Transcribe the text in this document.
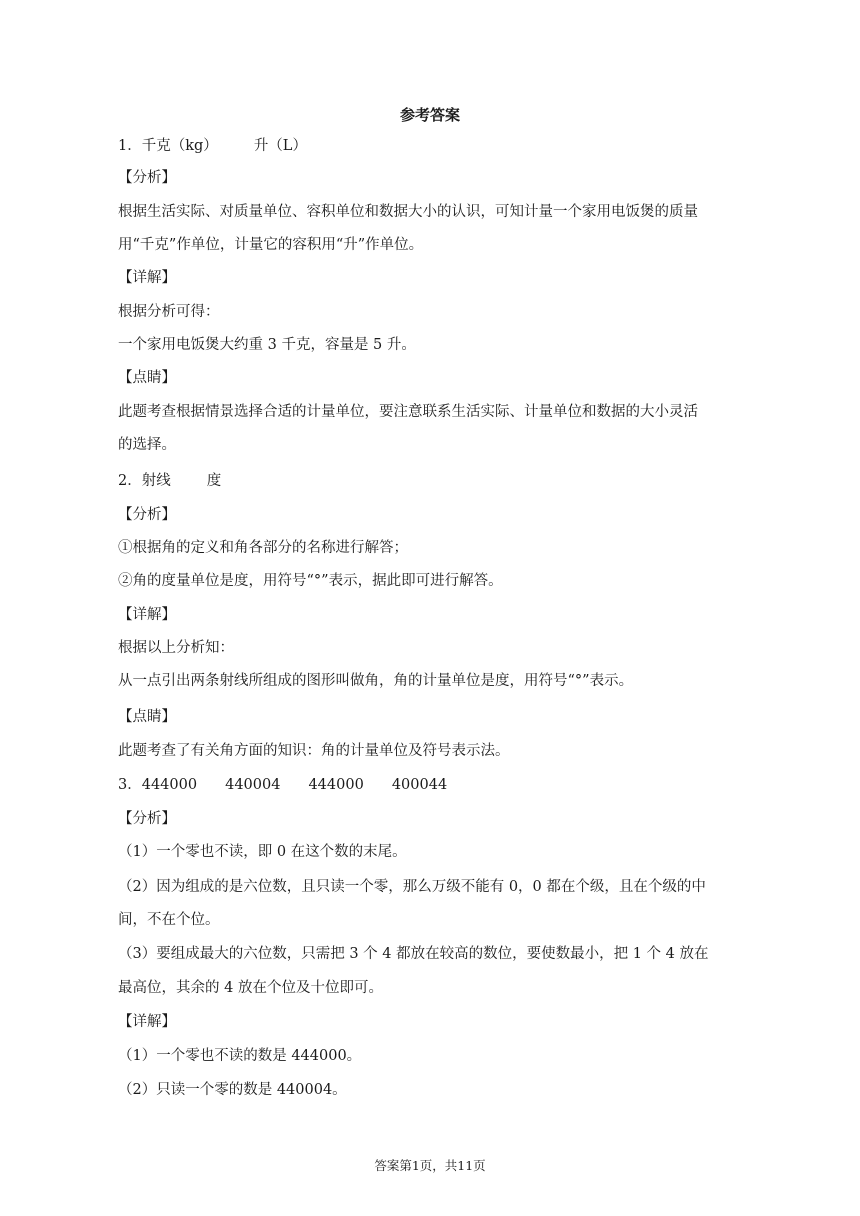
参考答案
1．千克（kg） 升（L）
【分析】
根据生活实际、对质量单位、容积单位和数据大小的认识，可知计量一个家用电饭煲的质量
用“千克”作单位，计量它的容积用“升”作单位。
【详解】
根据分析可得：
一个家用电饭煲大约重 3 千克，容量是 5 升。
【点睛】
此题考查根据情景选择合适的计量单位，要注意联系生活实际、计量单位和数据的大小灵活
的选择。
2．射线 度
【分析】
①根据角的定义和角各部分的名称进行解答；
②角的度量单位是度，用符号“°”表示，据此即可进行解答。
【详解】
根据以上分析知：
从一点引出两条射线所组成的图形叫做角，角的计量单位是度，用符号“°”表示。
【点睛】
此题考查了有关角方面的知识：角的计量单位及符号表示法。
3．444000 440004 444000 400044
【分析】
（1）一个零也不读，即 0 在这个数的末尾。
（2）因为组成的是六位数，且只读一个零，那么万级不能有 0，0 都在个级，且在个级的中
间，不在个位。
（3）要组成最大的六位数，只需把 3 个 4 都放在较高的数位，要使数最小，把 1 个 4 放在
最高位，其余的 4 放在个位及十位即可。
【详解】
（1）一个零也不读的数是 444000。
（2）只读一个零的数是 440004。
答案第1页，共11页
